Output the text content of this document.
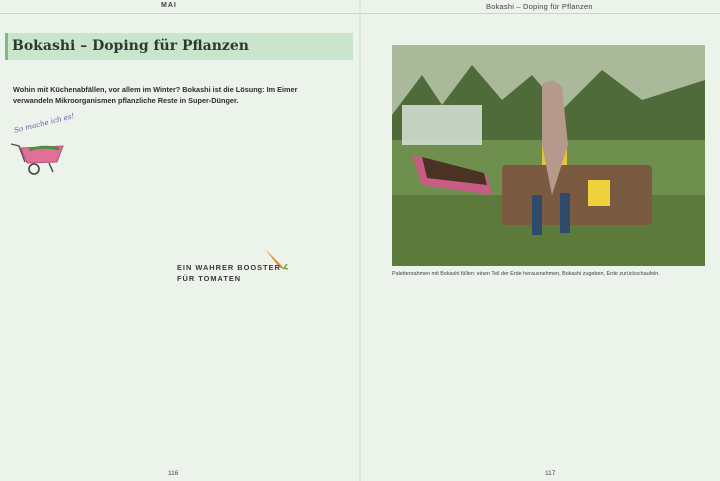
MAI	Bokashi – Doping für Pflanzen
Bokashi – Doping für Pflanzen

Wohin mit Küchenabfällen, vor allem im Winter? Bokashi ist die Lösung: Im Eimer verwandeln Mikroorganismen pflanzliche Reste in Super-Dünger.

So mache ich es!
EIN WAHRER BOOSTER
FÜR TOMATEN	Palettenrahmen mit Bokashi füllen: einen Teil der Erde herausnehmen, Bokashi zugeben, Erde zurückschaufeln.

116	117
